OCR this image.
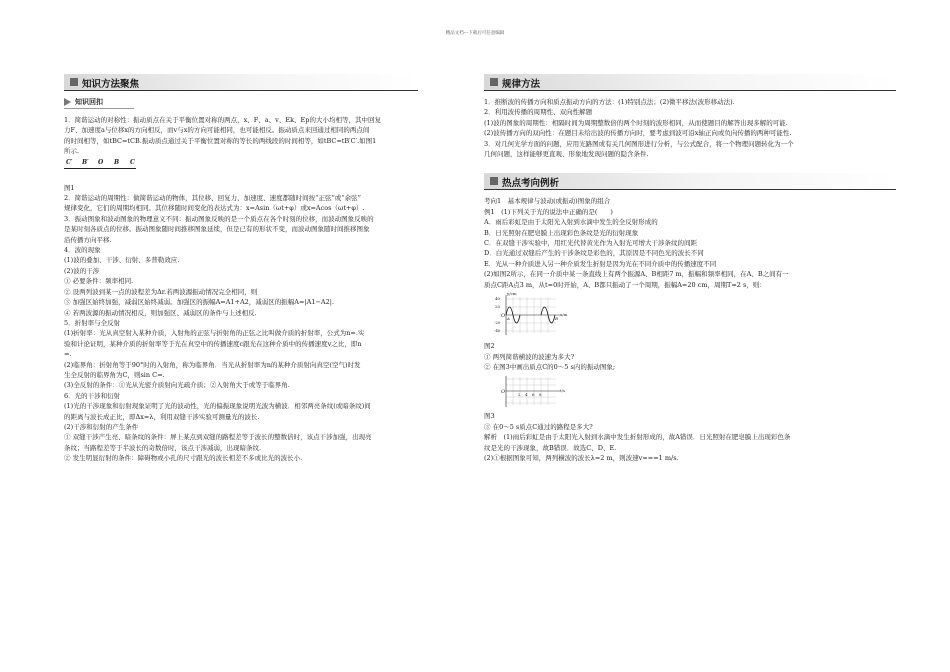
精品文档---下载后可任意编辑
知识方法聚焦
知识回扣

1．简谐运动的对称性：振动质点在关于平衡位置对称的两点，x、F、a、v、Ek、Ep的大小均相等，其中回复

力F、加速度a与位移x的方向相反，而v与x的方向可能相同，也可能相反。振动质点来回通过相同的两点间

的时间相等，如tBC=tCB.振动质点通过关于平衡位置对称的等长的两线段的时间相等，如tBC=tB′C′.如图1

所示.

C′ B′ O B C

图1

2．简谐运动的周期性：做简谐运动的物体，其位移、回复力、加速度、速度都随时间按“正弦”或“余弦”

规律变化，它们的周期均相同。其位移随时间变化的表达式为：x=Asin（ωt+φ）或x=Acos（ωt+φ）.

3．振动图象和波动图象的物理意义不同：振动图象反映的是一个质点在各个时刻的位移，而波动图象反映的

是某时刻各质点的位移。振动图象随时间推移图象延续，但是已有的形状不变，而波动图象随时间推移图象

沿传播方向平移.

4．波的现象

(1)波的叠加、干涉、衍射、多普勒效应.

(2)波的干涉

① 必要条件：频率相同.

② 设两列波到某一点的波程差为Δr.若两波源振动情况完全相同，则

③ 加强区始终加强，减弱区始终减弱。加强区的振幅A=A1+A2，减弱区的振幅A=|A1−A2|.

④ 若两波源的振动情况相反，则加强区、减弱区的条件与上述相反.

5．折射率与全反射

(1)折射率：光从真空射入某种介质，入射角的正弦与折射角的正弦之比叫做介质的折射率，公式为n=.实

验和计论证明，某种介质的折射率等于光在真空中的传播速度c跟光在这种介质中的传播速度v之比，即n

=.

(2)临界角：折射角等于90°时的入射角，称为临界角．当光从折射率为n的某种介质射向真空(空气)时发

生全反射的临界角为C，则sin C=.

(3)全反射的条件：①光从光密介质射向光疏介质；②入射角大于或等于临界角.

6．光的干涉和衍射

(1)光的干涉现象和衍射现象证明了光的波动性，光的偏振现象说明光波为横波．相邻两亮条纹(或暗条纹)间

的距离与波长成正比，即Δx=λ，利用双缝干涉实验可测量光的波长.

(2)干涉和衍射的产生条件

① 双缝干涉产生亮、暗条纹的条件：屏上某点到双缝的路程差等于波长的整数倍时，该点干涉加强，出现亮

条纹；当路程差等于半波长的奇数倍时，该点干涉减弱，出现暗条纹.

② 发生明显衍射的条件：障碍物或小孔的尺寸跟光的波长相差不多或比光的波长小.

规律方法

1．推断波的传播方向和质点振动方向的方法：(1)特别点法；(2)微平移法(波形移动法).

2．利用波传播的周期性、双向性解题

(1)波的图象的周期性：相隔时间为周期整数倍的两个时刻的波形相同，从而使题目的解答出现多解的可能.

(2)波传播方向的双向性：在题目未给出波的传播方向时，要考虑到波可沿x轴正向或负向传播的两种可能性.

3．对几何光学方面的问题，应用光路图或有关几何图形进行分析，与公式配合，将一个物理问题转化为一个

几何问题，这样能够更直观、形象地发现问题的隐含条件.

热点考向例析

考向1　基本规律与波动(或振动)图象的组合

例1　(1)下列关于光的说法中正确的是(　　)

A．雨后彩虹是由于太阳光入射到水滴中发生的全反射形成的

B．日光照射在肥皂膜上出现彩色条纹是光的衍射现象

C．在双缝干涉实验中，用红光代替黄光作为入射光可增大干涉条纹的间距

D．白光通过双缝后产生的干涉条纹是彩色的，其原因是不同色光的波长不同

E．光从一种介质进入另一种介质发生折射是因为光在不同介质中的传播速度不同

(2)如图2所示，在同一介质中某一条直线上有两个振源A、B相距7 m，振幅和频率相同，在A、B之间有一

质点C距A点3 m，从t=0时开始，A、B都只振动了一个周期，振幅A=20 cm，周期T=2 s，则：

y/cm
40
20
-20
-40
O A	B
x/m

图2

① 两列简谐横波的波速为多大?

② 在图3中画出质点C的0～5 s内的振动图象;

O	2 4 6 8
t/s

图3

③ 在0～5 s质点C通过的路程是多大?

解析　(1)雨后彩虹是由于太阳光入射到水滴中发生折射形成的，故A错误．日光照射在肥皂膜上出现彩色条

纹是光的干涉现象，故B错误．故选C、D、E.

(2)①根据图象可知，两列横波的波长λ=2 m，则波速v===1 m/s.
